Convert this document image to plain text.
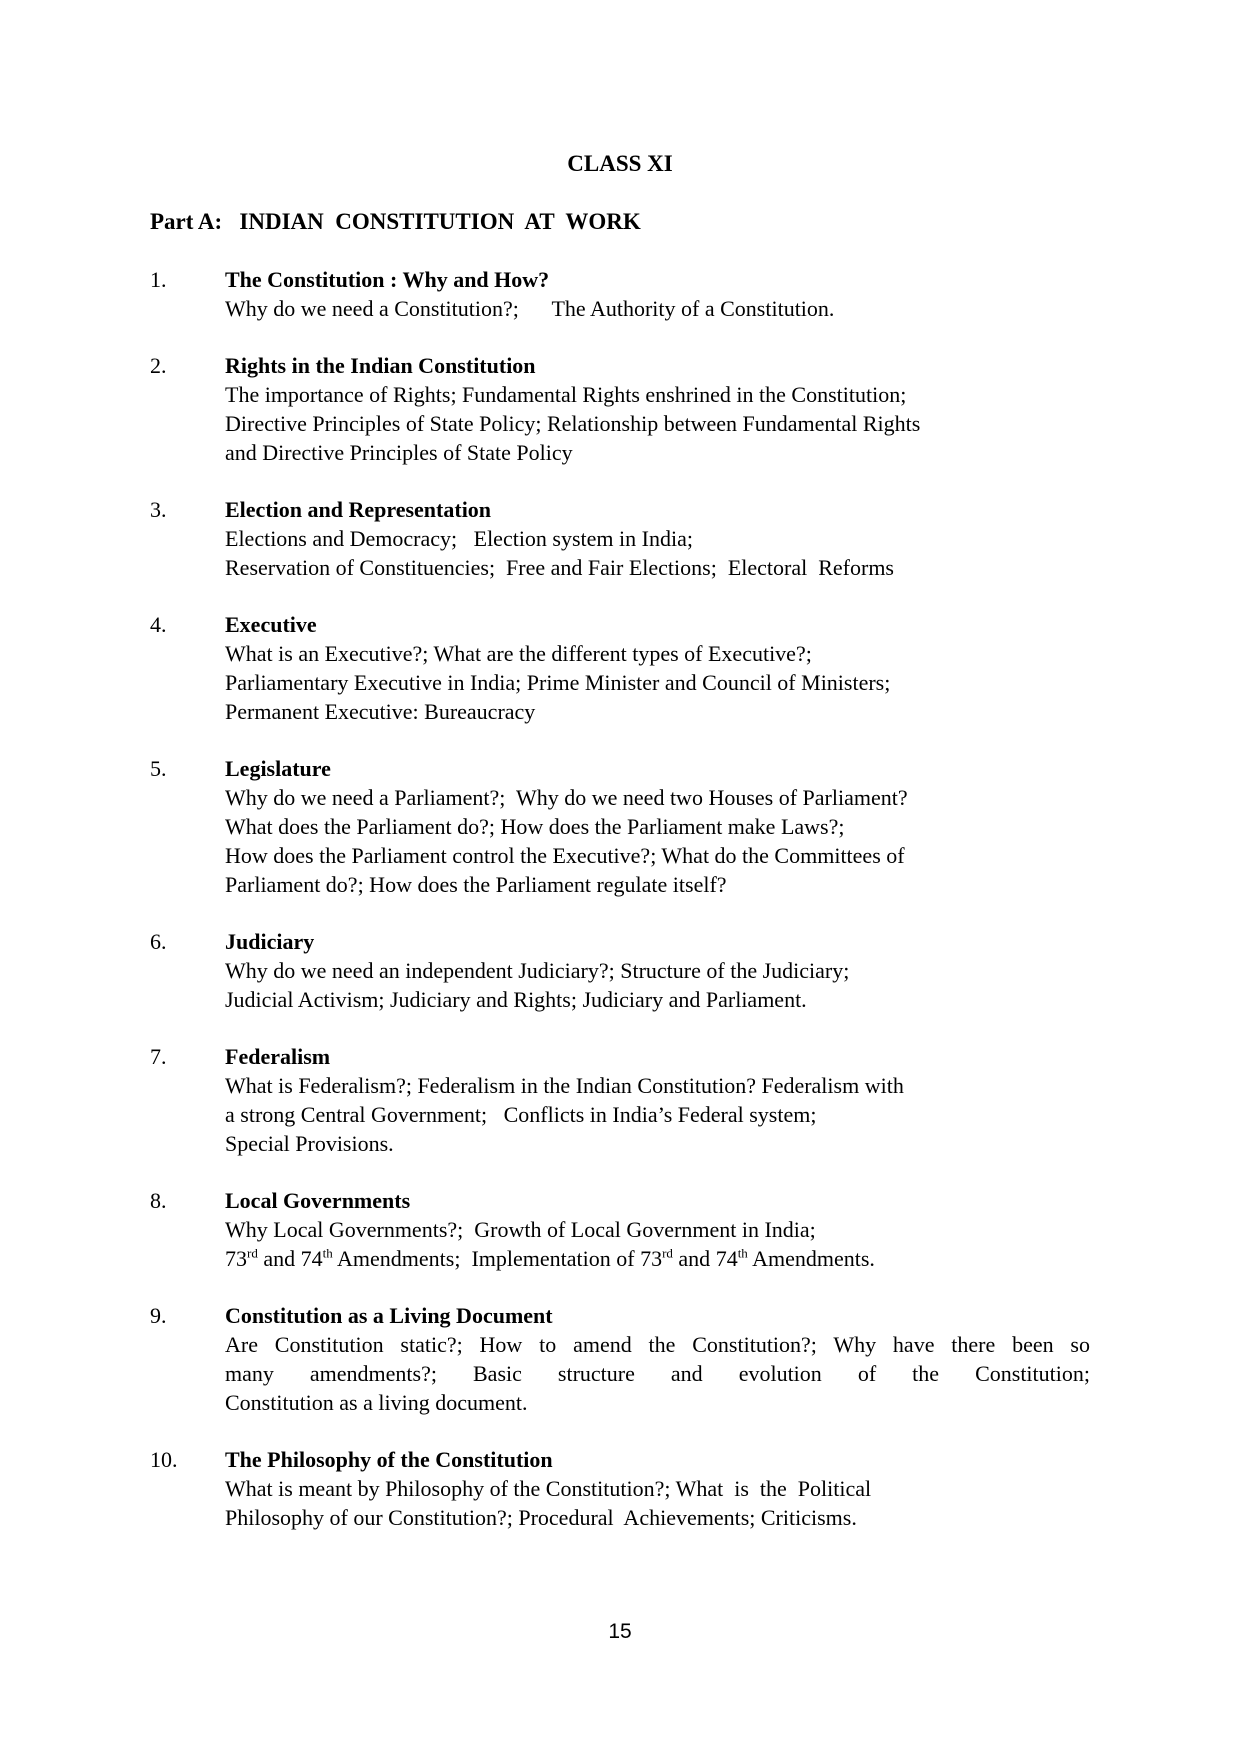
CLASS XI
Part A:   INDIAN  CONSTITUTION  AT  WORK
1.	The Constitution : Why and How?
Why do we need a Constitution?;      The Authority of a Constitution.
2.	Rights in the Indian Constitution
The importance of Rights; Fundamental Rights enshrined in the Constitution;
Directive Principles of State Policy; Relationship between Fundamental Rights
and Directive Principles of State Policy
3.	Election and Representation
Elections and Democracy;   Election system in India;
Reservation of Constituencies;  Free and Fair Elections;  Electoral  Reforms
4.	Executive
What is an Executive?; What are the different types of Executive?;
Parliamentary Executive in India; Prime Minister and Council of Ministers;
Permanent Executive: Bureaucracy
5.	Legislature
Why do we need a Parliament?;  Why do we need two Houses of Parliament?
What does the Parliament do?; How does the Parliament make Laws?;
How does the Parliament control the Executive?; What do the Committees of
Parliament do?; How does the Parliament regulate itself?
6.	Judiciary
Why do we need an independent Judiciary?; Structure of the Judiciary;
Judicial Activism; Judiciary and Rights; Judiciary and Parliament.
7.	Federalism
What is Federalism?; Federalism in the Indian Constitution? Federalism with
a strong Central Government;   Conflicts in India’s Federal system;
Special Provisions.
8.	Local Governments
Why Local Governments?;  Growth of Local Government in India;
73rd and 74th Amendments;  Implementation of 73rd and 74th Amendments.
9.	Constitution as a Living Document
Are Constitution static?; How to amend the Constitution?; Why have there been so
many amendments?; Basic structure and evolution of the Constitution;
Constitution as a living document.
10. The Philosophy of the Constitution
What is meant by Philosophy of the Constitution?; What  is  the  Political
Philosophy of our Constitution?; Procedural  Achievements; Criticisms.
15
